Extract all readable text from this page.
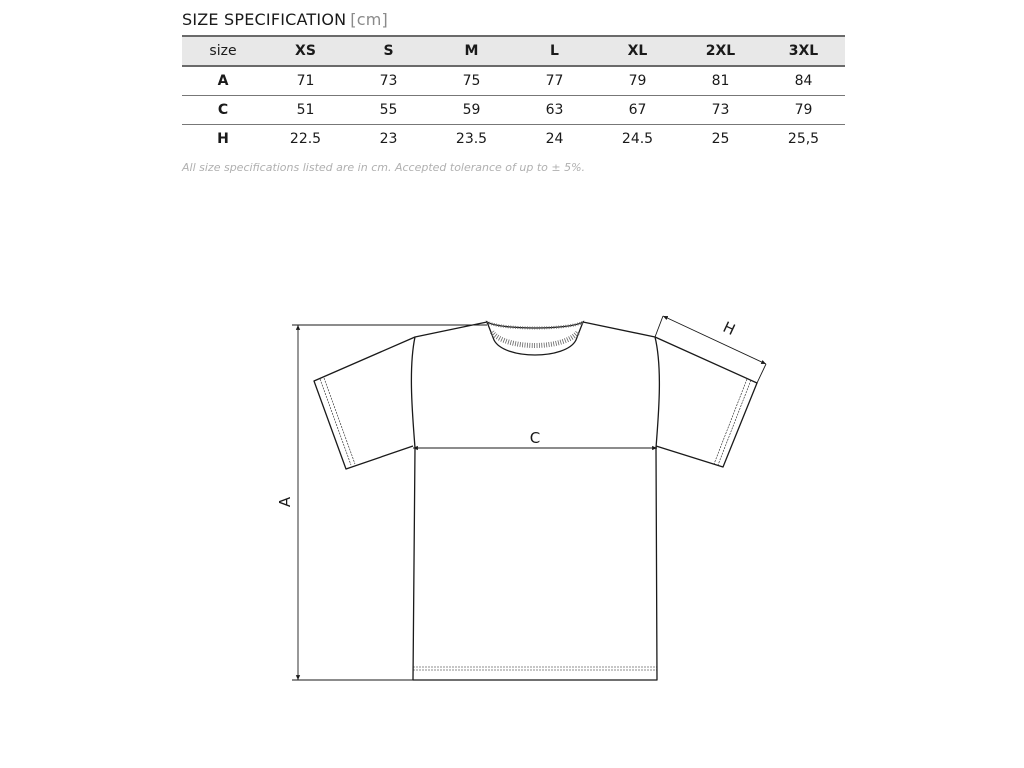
SIZE SPECIFICATION [cm]
size	XS	S	M	L	XL	2XL	3XL
A	71	73	75	77	79	81	84
C	51	55	59	63	67	73	79
H	22.5	23	23.5	24	24.5	25	25,5
All size specifications listed are in cm. Accepted tolerance of up to ± 5%.
A
C
H
